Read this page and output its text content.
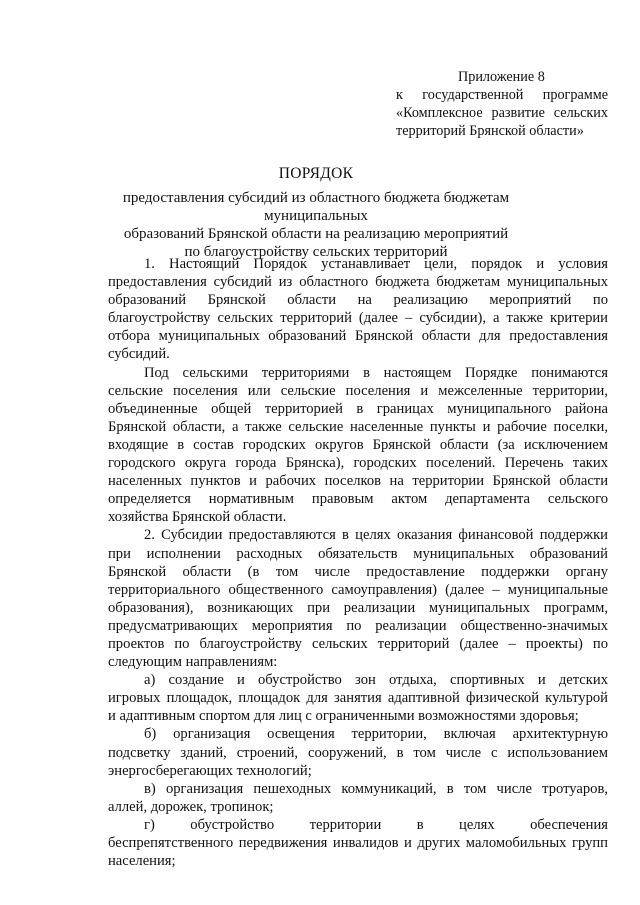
Приложение 8
к государственной программе
«Комплексное развитие сельских
территорий Брянской области»
ПОРЯДОК
предоставления субсидий из областного бюджета бюджетам муниципальных
образований Брянской области на реализацию мероприятий
по благоустройству сельских территорий
1. Настоящий Порядок устанавливает цели, порядок и условия
предоставления субсидий из областного бюджета бюджетам муниципальных
образований Брянской области на реализацию мероприятий по
благоустройству сельских территорий (далее – субсидии), а также критерии
отбора муниципальных образований Брянской области для предоставления
субсидий.
Под сельскими территориями в настоящем Порядке понимаются
сельские поселения или сельские поселения и межселенные территории,
объединенные общей территорией в границах муниципального района
Брянской области, а также сельские населенные пункты и рабочие поселки,
входящие в состав городских округов Брянской области (за исключением
городского округа города Брянска), городских поселений. Перечень таких
населенных пунктов и рабочих поселков на территории Брянской области
определяется нормативным правовым актом департамента сельского
хозяйства Брянской области.
2. Субсидии предоставляются в целях оказания финансовой поддержки
при исполнении расходных обязательств муниципальных образований
Брянской области (в том числе предоставление поддержки органу
территориального общественного самоуправления) (далее – муниципальные
образования), возникающих при реализации муниципальных программ,
предусматривающих мероприятия по реализации общественно-значимых
проектов по благоустройству сельских территорий (далее – проекты) по
следующим направлениям:
а) создание и обустройство зон отдыха, спортивных и детских
игровых площадок, площадок для занятия адаптивной физической культурой
и адаптивным спортом для лиц с ограниченными возможностями здоровья;
б) организация освещения территории, включая архитектурную
подсветку зданий, строений, сооружений, в том числе с использованием
энергосберегающих технологий;
в) организация пешеходных коммуникаций, в том числе тротуаров,
аллей, дорожек, тропинок;
г) обустройство территории в целях обеспечения
беспрепятственного передвижения инвалидов и других маломобильных групп
населения;
